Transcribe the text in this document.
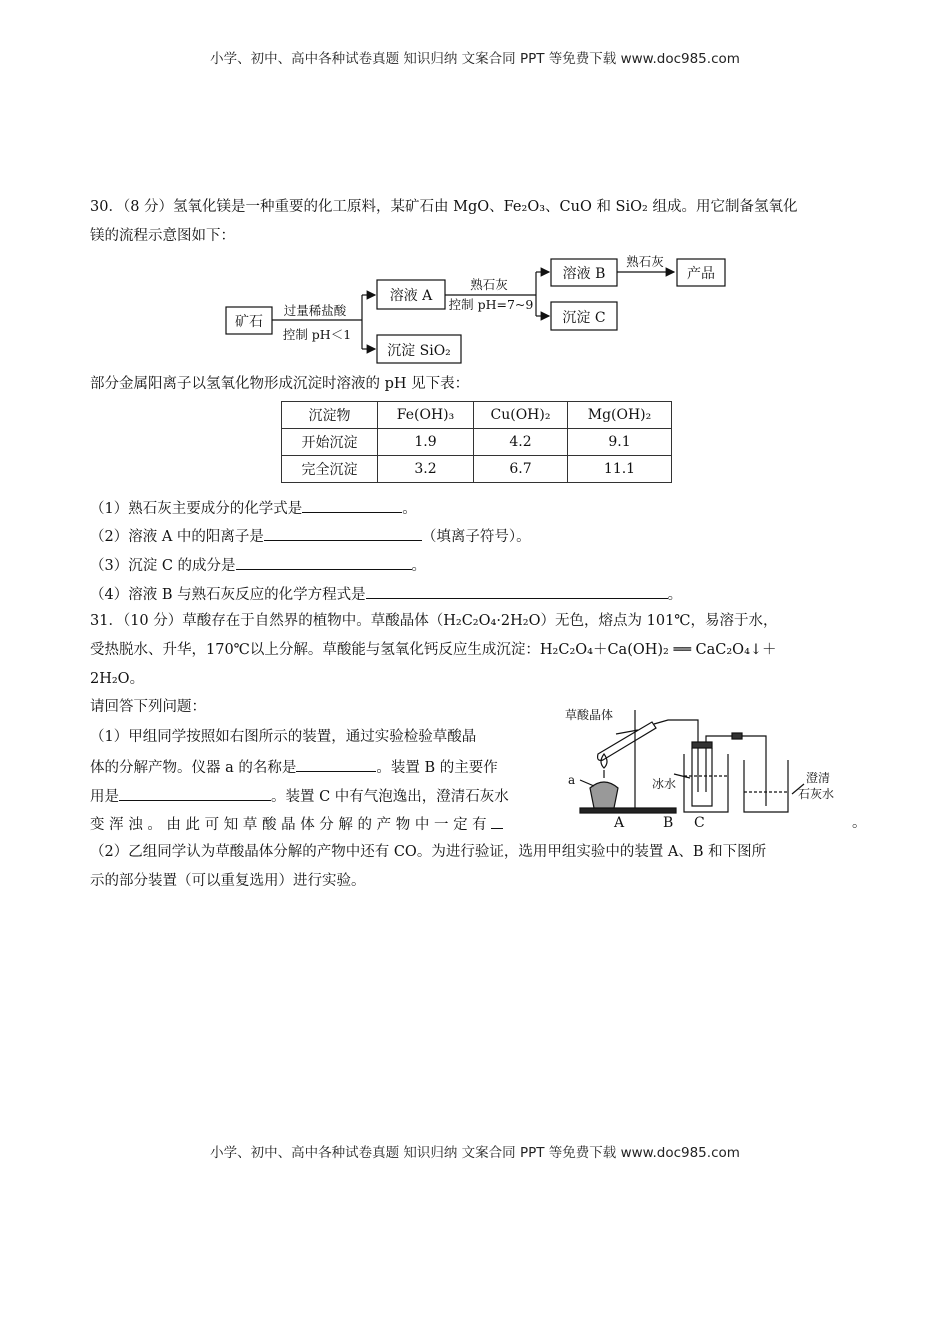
小学、初中、高中各种试卷真题 知识归纳 文案合同 PPT 等免费下载 www.doc985.com
30．（8 分）氢氧化镁是一种重要的化工原料，某矿石由 MgO、Fe₂O₃、CuO 和 SiO₂ 组成。用它制备氢氧化
镁的流程示意图如下：
矿石
过量稀盐酸
控制 pH＜1
溶液 A
沉淀 SiO₂
熟石灰
控制 pH=7~9
溶液 B
沉淀 C
熟石灰
产品
部分金属阳离子以氢氧化物形成沉淀时溶液的 pH 见下表：
沉淀物	Fe(OH)₃	Cu(OH)₂	Mg(OH)₂
开始沉淀	1.9	4.2	9.1
完全沉淀	3.2	6.7	11.1
（1）熟石灰主要成分的化学式是	。
（2）溶液 A 中的阳离子是	（填离子符号）。
（3）沉淀 C 的成分是	。
（4）溶液 B 与熟石灰反应的化学方程式是	。
31．（10 分）草酸存在于自然界的植物中。草酸晶体（H₂C₂O₄·2H₂O）无色，熔点为 101℃，易溶于水，
受热脱水、升华，170℃以上分解。草酸能与氢氧化钙反应生成沉淀：H₂C₂O₄＋Ca(OH)₂ ══ CaC₂O₄↓＋
2H₂O。
请回答下列问题：
（1）甲组同学按照如右图所示的装置，通过实验检验草酸晶
体的分解产物。仪器 a 的名称是	。装置 B 的主要作
用是	。装置 C 中有气泡逸出，澄清石灰水
变 浑 浊 。 由 此 可 知 草 酸 晶 体 分 解 的 产 物 中 一 定 有	。
（2）乙组同学认为草酸晶体分解的产物中还有 CO。为进行验证，选用甲组实验中的装置 A、B 和下图所
示的部分装置（可以重复选用）进行实验。
草酸晶体
a	冰水	澄清
石灰水
A	B C
小学、初中、高中各种试卷真题 知识归纳 文案合同 PPT 等免费下载 www.doc985.com
